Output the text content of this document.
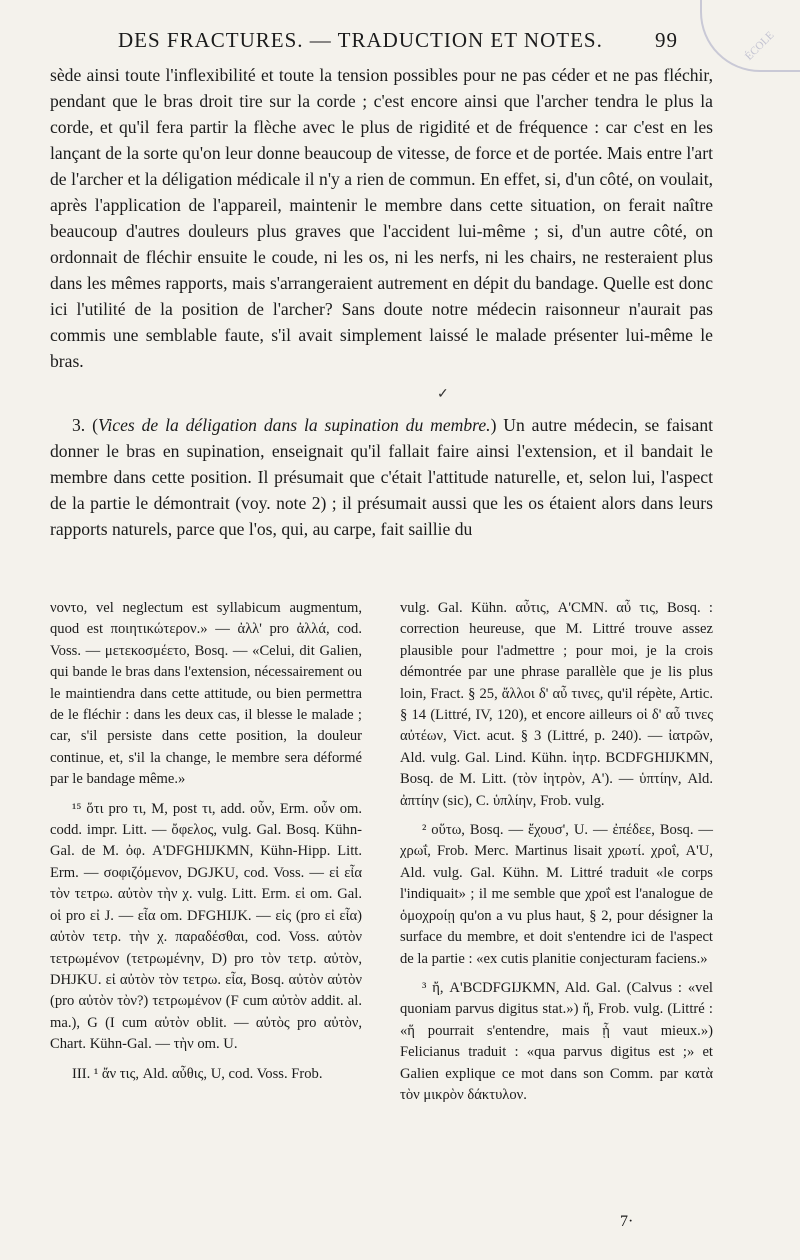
DES FRACTURES. — TRADUCTION ET NOTES. 99	ÉCOLE

sède ainsi toute l'inflexibilité et toute la tension possibles pour ne pas céder et ne pas fléchir, pendant que le bras droit tire sur la corde ; c'est encore ainsi que l'archer tendra le plus la corde, et qu'il fera partir la flèche avec le plus de rigidité et de fréquence : car c'est en les lançant de la sorte qu'on leur donne beaucoup de vitesse, de force et de portée. Mais entre l'art de l'archer et la déligation médicale il n'y a rien de commun. En effet, si, d'un côté, on voulait, après l'application de l'appareil, maintenir le membre dans cette situation, on ferait naître beaucoup d'autres douleurs plus graves que l'accident lui-même ; si, d'un autre côté, on ordonnait de fléchir ensuite le coude, ni les os, ni les nerfs, ni les chairs, ne resteraient plus dans les mêmes rapports, mais s'arrangeraient autrement en dépit du bandage. Quelle est donc ici l'utilité de la position de l'archer? Sans doute notre médecin raisonneur n'aurait pas commis une semblable faute, s'il avait simplement laissé le malade présenter lui-même le bras.

3. (Vices de la déligation dans la supination du membre.) Un autre médecin, se faisant donner le bras en supination, enseignait qu'il fallait faire ainsi l'extension, et il bandait le membre dans cette position. Il présumait que c'était l'attitude naturelle, et, selon lui, l'aspect de la partie le démontrait (voy. note 2) ; il présumait aussi que les os étaient alors dans leurs rapports naturels, parce que l'os, qui, au carpe, fait saillie du

✓

νοντο, vel neglectum est syllabicum augmentum, quod est ποιητικώτερον.» — ἀλλ' pro ἀλλά, cod. Voss. — μετεκοσμέετο, Bosq. — «Celui, dit Galien, qui bande le bras dans l'extension, nécessairement ou le maintiendra dans cette attitude, ou bien permettra de le fléchir : dans les deux cas, il blesse le malade ; car, s'il persiste dans cette position, la douleur continue, et, s'il la change, le membre sera déformé par le bandage même.»

¹⁵ ὅτι pro τι, M, post τι, add. οὖν, Erm. οὖν om. codd. impr. Litt. — ὄφελος, vulg. Gal. Bosq. Kühn-Gal. de M. ὀφ. A'DFGHIJKMN, Kühn-Hipp. Litt. Erm. — σοφιζόμενον, DGJKU, cod. Voss. — εἰ εἶα τὸν τετρω. αὐτὸν τὴν χ. vulg. Litt. Erm. εἰ om. Gal. οἱ pro εἰ J. — εἶα om. DFGHIJK. — εἰς (pro εἰ εἶα) αὐτὸν τετρ. τὴν χ. παραδέσθαι, cod. Voss. αὐτὸν τετρωμένον (τετρωμένην, D) pro τὸν τετρ. αὐτὸν, DHJKU. εἰ αὐτὸν τὸν τετρω. εἶα, Bosq. αὐτὸν αὐτὸν (pro αὐτὸν τὸν?) τετρωμένον (F cum αὐτὸν addit. al. ma.), G (I cum αὐτὸν oblit. — αὐτὸς pro αὐτὸν, Chart. Kühn-Gal. — τὴν om. U.

III. ¹ ἄν τις, Ald. αὖθις, U, cod. Voss. Frob.

vulg. Gal. Kühn. αὖτις, A'CMN. αὖ τις, Bosq. : correction heureuse, que M. Littré trouve assez plausible pour l'admettre ; pour moi, je la crois démontrée par une phrase parallèle que je lis plus loin, Fract. § 25, ἄλλοι δ' αὖ τινες, qu'il répète, Artic. § 14 (Littré, IV, 120), et encore ailleurs οἱ δ' αὖ τινες αὐτέων, Vict. acut. § 3 (Littré, p. 240). — ἰατρῶν, Ald. vulg. Gal. Lind. Kühn. ἰητρ. BCDFGHIJKMN, Bosq. de M. Litt. (τὸν ἰητρὸν, A'). — ὑπτίην, Ald. ἀπτίην (sic), C. ὑπλίην, Frob. vulg.

² οὕτω, Bosq. — ἔχουσ', U. — ἐπέδεε, Bosq. — χρωΐ, Frob. Merc. Martinus lisait χρωτί. χροΐ, A'U, Ald. vulg. Gal. Kühn. M. Littré traduit «le corps l'indiquait» ; il me semble que χροΐ est l'analogue de ὁμοχροίῃ qu'on a vu plus haut, § 2, pour désigner la surface du membre, et doit s'entendre ici de l'aspect de la partie : «ex cutis planitie conjecturam faciens.»

³ ἤ, A'BCDFGIJKMN, Ald. Gal. (Calvus : «vel quoniam parvus digitus stat.») ἥ, Frob. vulg. (Littré : «ἥ pourrait s'entendre, mais ᾗ vaut mieux.») Felicianus traduit : «qua parvus digitus est ;» et Galien explique ce mot dans son Comm. par κατὰ τὸν μικρὸν δάκτυλον.

7·
